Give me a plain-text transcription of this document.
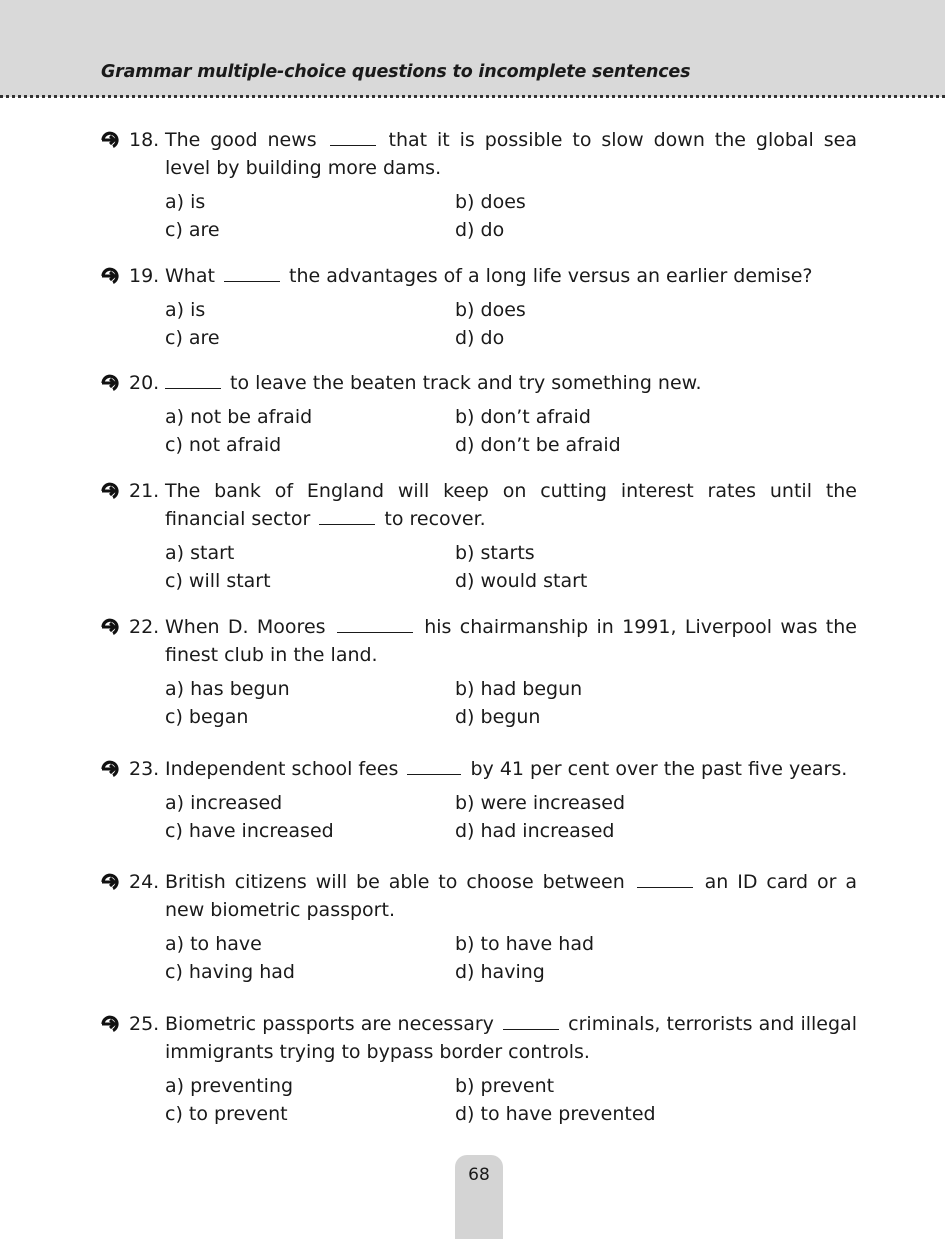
Grammar multiple-choice questions to incomplete sentences
18. The good news	that it is possible to slow down the global sea level by building more dams.
a) is	b) does
c) are	d) do
19. What	the advantages of a long life versus an earlier demise?
a) is	b) does
c) are	d) do
20.	to leave the beaten track and try something new.
a) not be afraid	b) don’t afraid
c) not afraid	d) don’t be afraid
21. The bank of England will keep on cutting interest rates until the financial sector	to recover.
a) start	b) starts
c) will start	d) would start
22. When D. Moores	his chairmanship in 1991, Liverpool was the finest club in the land.
a) has begun	b) had begun
c) began	d) begun
23. Independent school fees	by 41 per cent over the past five years.
a) increased	b) were increased
c) have increased	d) had increased
24. British citizens will be able to choose between	an ID card or a new biometric passport.
a) to have	b) to have had
c) having had	d) having
25. Biometric passports are necessary	criminals, terrorists and illegal immigrants trying to bypass border controls.
a) preventing	b) prevent
c) to prevent	d) to have prevented
68
